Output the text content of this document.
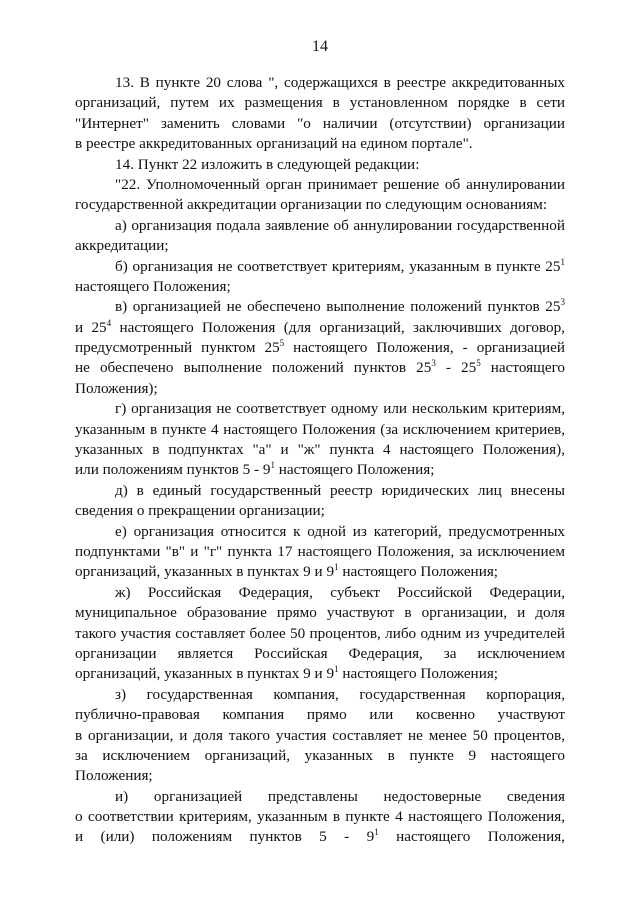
14
13. В пункте 20 слова ", содержащихся в реестре аккредитованных
организаций, путем их размещения в установленном порядке в сети
"Интернет" заменить словами "о наличии (отсутствии) организации
в реестре аккредитованных организаций на едином портале".
14. Пункт 22 изложить в следующей редакции:
"22. Уполномоченный орган принимает решение об аннулировании
государственной аккредитации организации по следующим основаниям:
а) организация подала заявление об аннулировании государственной
аккредитации;
б) организация не соответствует критериям, указанным в пункте $25^1$
настоящего Положения;
в) организацией не обеспечено выполнение положений пунктов $25^3$
и $25^4$ настоящего Положения (для организаций, заключивших договор,
предусмотренный пунктом $25^5$ настоящего Положения, - организацией
не обеспечено выполнение положений пунктов $25^3 - 25^5$ настоящего
Положения);
г) организация не соответствует одному или нескольким критериям,
указанным в пункте 4 настоящего Положения (за исключением критериев,
указанных в подпунктах "а" и "ж" пункта 4 настоящего Положения),
или положениям пунктов $5 - 9^1$ настоящего Положения;
д) в единый государственный реестр юридических лиц внесены
сведения о прекращении организации;
е) организация относится к одной из категорий, предусмотренных
подпунктами "в" и "г" пункта 17 настоящего Положения, за исключением
организаций, указанных в пунктах 9 и $9^1$ настоящего Положения;
ж) Российская Федерация, субъект Российской Федерации,
муниципальное образование прямо участвуют в организации, и доля
такого участия составляет более 50 процентов, либо одним из учредителей
организации является Российская Федерация, за исключением
организаций, указанных в пунктах 9 и $9^1$ настоящего Положения;
з) государственная компания, государственная корпорация,
публично-правовая компания прямо или косвенно участвуют
в организации, и доля такого участия составляет не менее 50 процентов,
за исключением организаций, указанных в пункте 9 настоящего
Положения;
и) организацией представлены недостоверные сведения
о соответствии критериям, указанным в пункте 4 настоящего Положения,
и (или) положениям пунктов $5 - 9^1$ настоящего Положения,
